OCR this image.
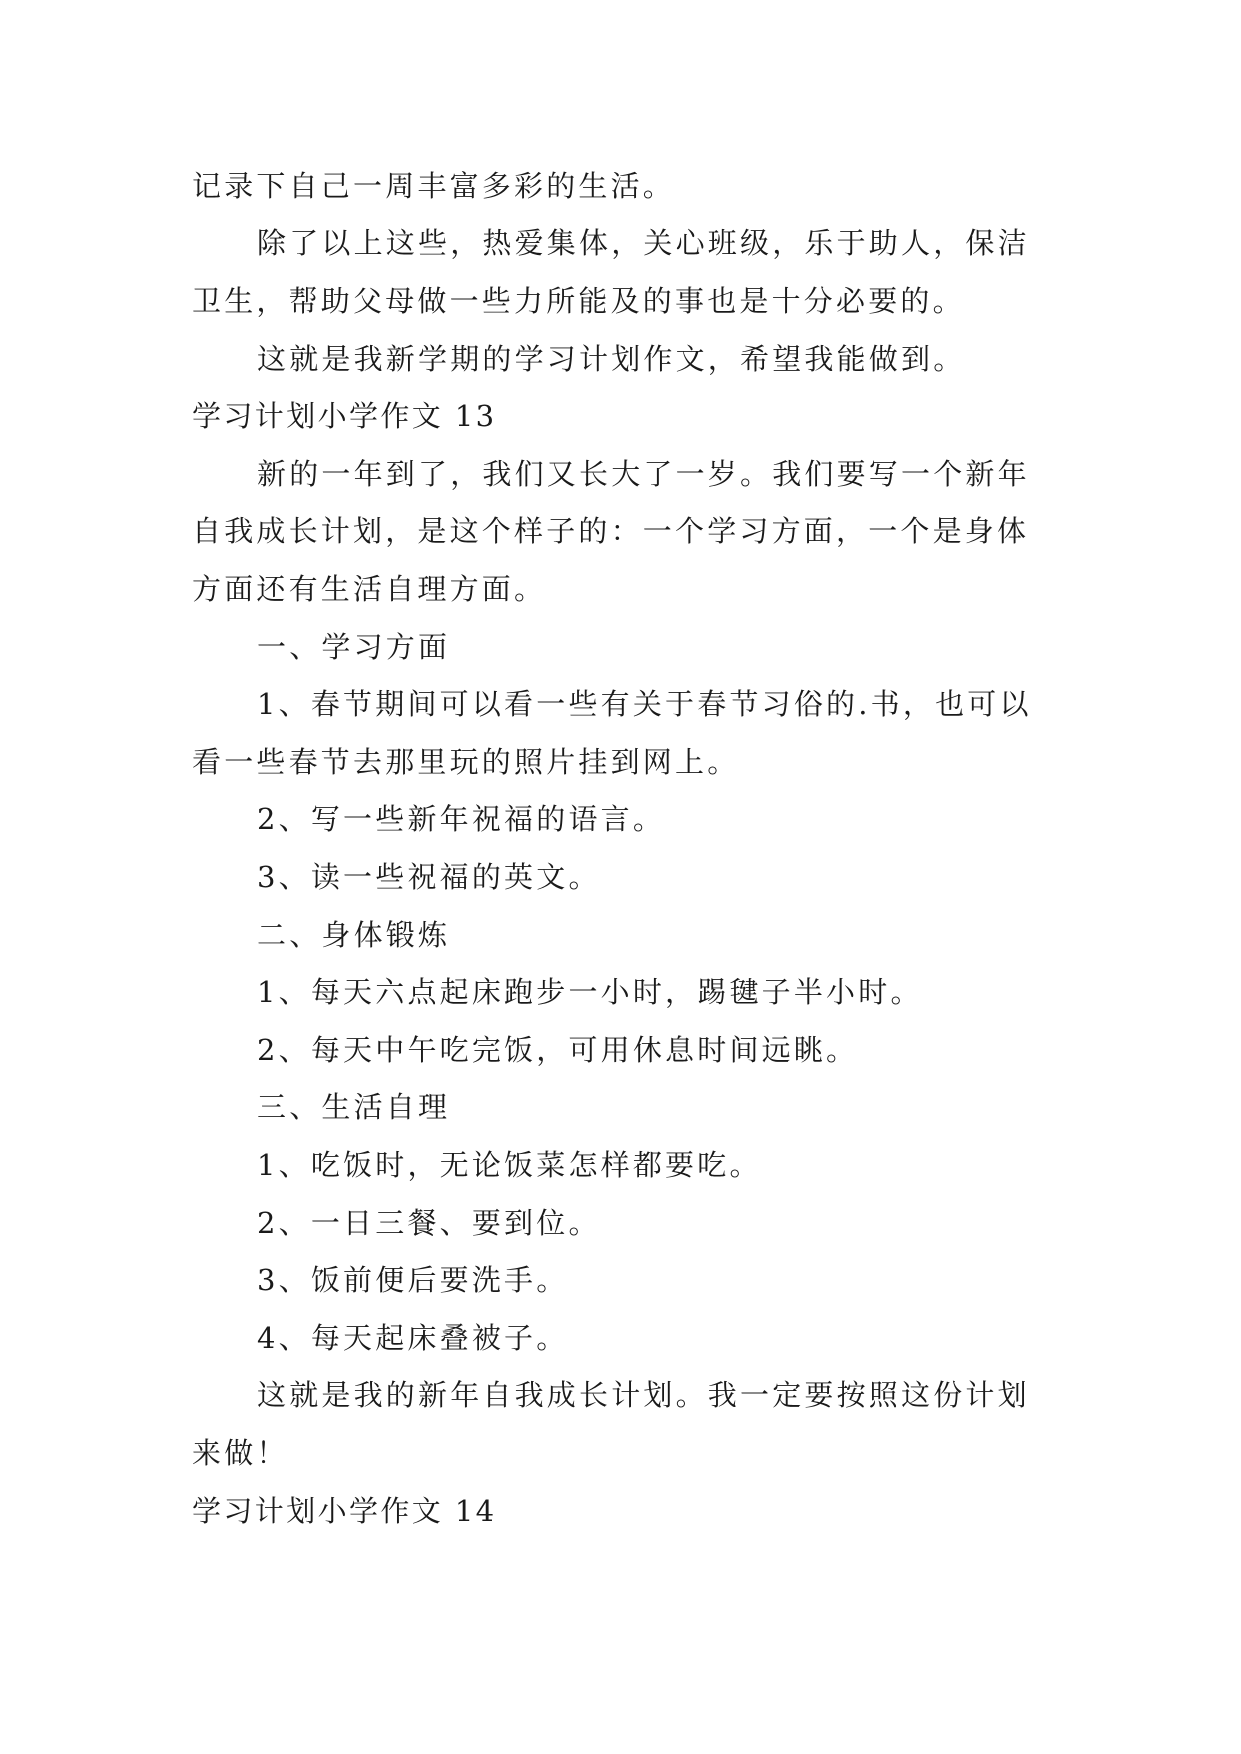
记录下自己一周丰富多彩的生活。
除了以上这些，热爱集体，关心班级，乐于助人，保洁
卫生，帮助父母做一些力所能及的事也是十分必要的。
这就是我新学期的学习计划作文，希望我能做到。
学习计划小学作文 13
新的一年到了，我们又长大了一岁。我们要写一个新年
自我成长计划，是这个样子的：一个学习方面，一个是身体
方面还有生活自理方面。
一、学习方面
1、春节期间可以看一些有关于春节习俗的.书，也可以
看一些春节去那里玩的照片挂到网上。
2、写一些新年祝福的语言。
3、读一些祝福的英文。
二、身体锻炼
1、每天六点起床跑步一小时，踢毽子半小时。
2、每天中午吃完饭，可用休息时间远眺。
三、生活自理
1、吃饭时，无论饭菜怎样都要吃。
2、一日三餐、要到位。
3、饭前便后要洗手。
4、每天起床叠被子。
这就是我的新年自我成长计划。我一定要按照这份计划
来做！
学习计划小学作文 14
